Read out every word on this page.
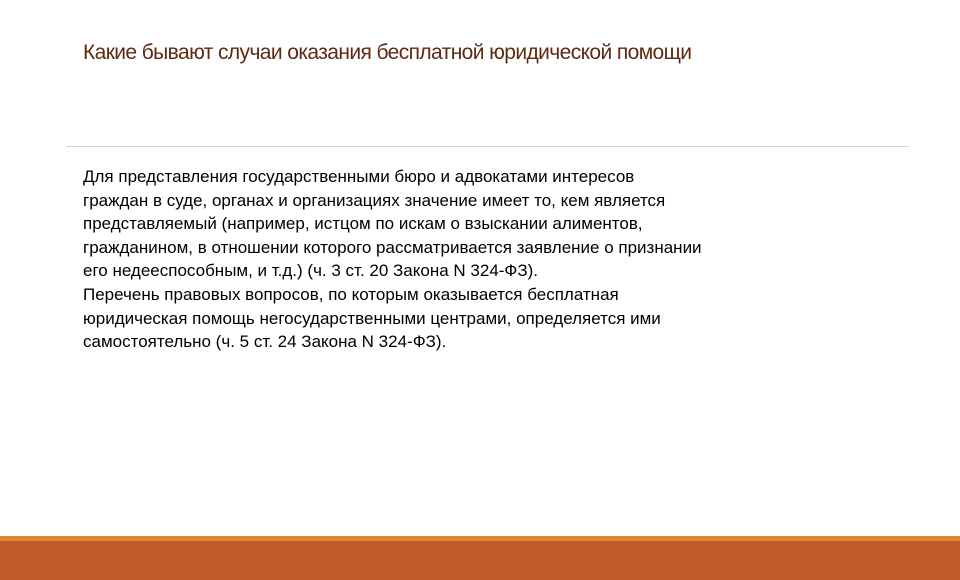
Какие бывают случаи оказания бесплатной юридической помощи
Для представления государственными бюро и адвокатами интересов
граждан в суде, органах и организациях значение имеет то, кем является
представляемый (например, истцом по искам о взыскании алиментов,
гражданином, в отношении которого рассматривается заявление о признании
его недееспособным, и т.д.) (ч. 3 ст. 20 Закона N 324-ФЗ).
Перечень правовых вопросов, по которым оказывается бесплатная
юридическая помощь негосударственными центрами, определяется ими
самостоятельно (ч. 5 ст. 24 Закона N 324-ФЗ).
